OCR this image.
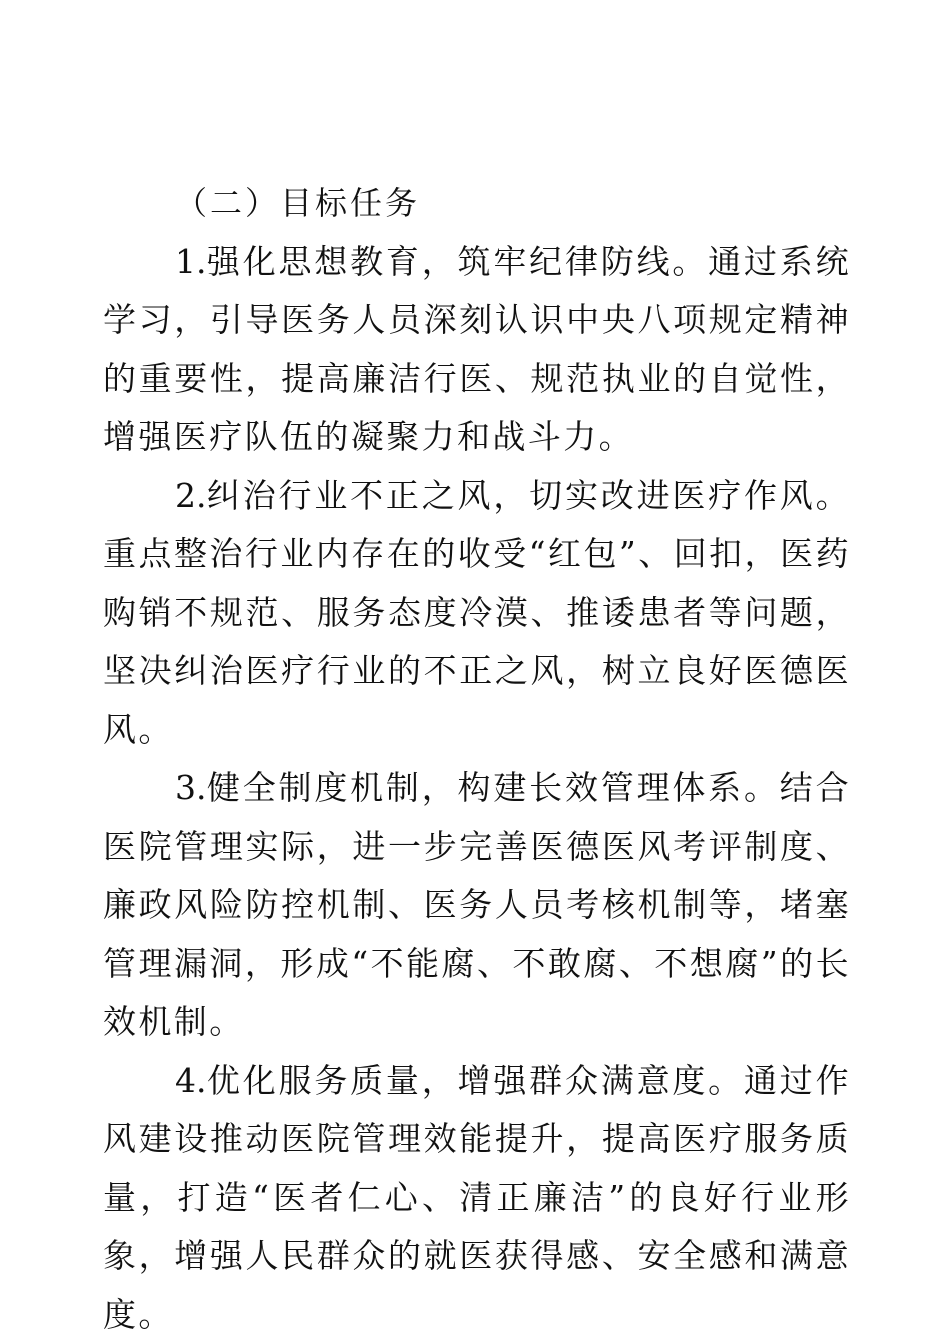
（二）目标任务

1.强化思想教育，筑牢纪律防线。通过系统学习，引导医务人员深刻认识中央八项规定精神的重要性，提高廉洁行医、规范执业的自觉性，增强医疗队伍的凝聚力和战斗力。

2.纠治行业不正之风，切实改进医疗作风。重点整治行业内存在的收受“红包”、回扣，医药购销不规范、服务态度冷漠、推诿患者等问题，坚决纠治医疗行业的不正之风，树立良好医德医风。

3.健全制度机制，构建长效管理体系。结合医院管理实际，进一步完善医德医风考评制度、廉政风险防控机制、医务人员考核机制等，堵塞管理漏洞，形成“不能腐、不敢腐、不想腐”的长效机制。

4.优化服务质量，增强群众满意度。通过作风建设推动医院管理效能提升，提高医疗服务质量，打造“医者仁心、清正廉洁”的良好行业形象，增强人民群众的就医获得感、安全感和满意度。
